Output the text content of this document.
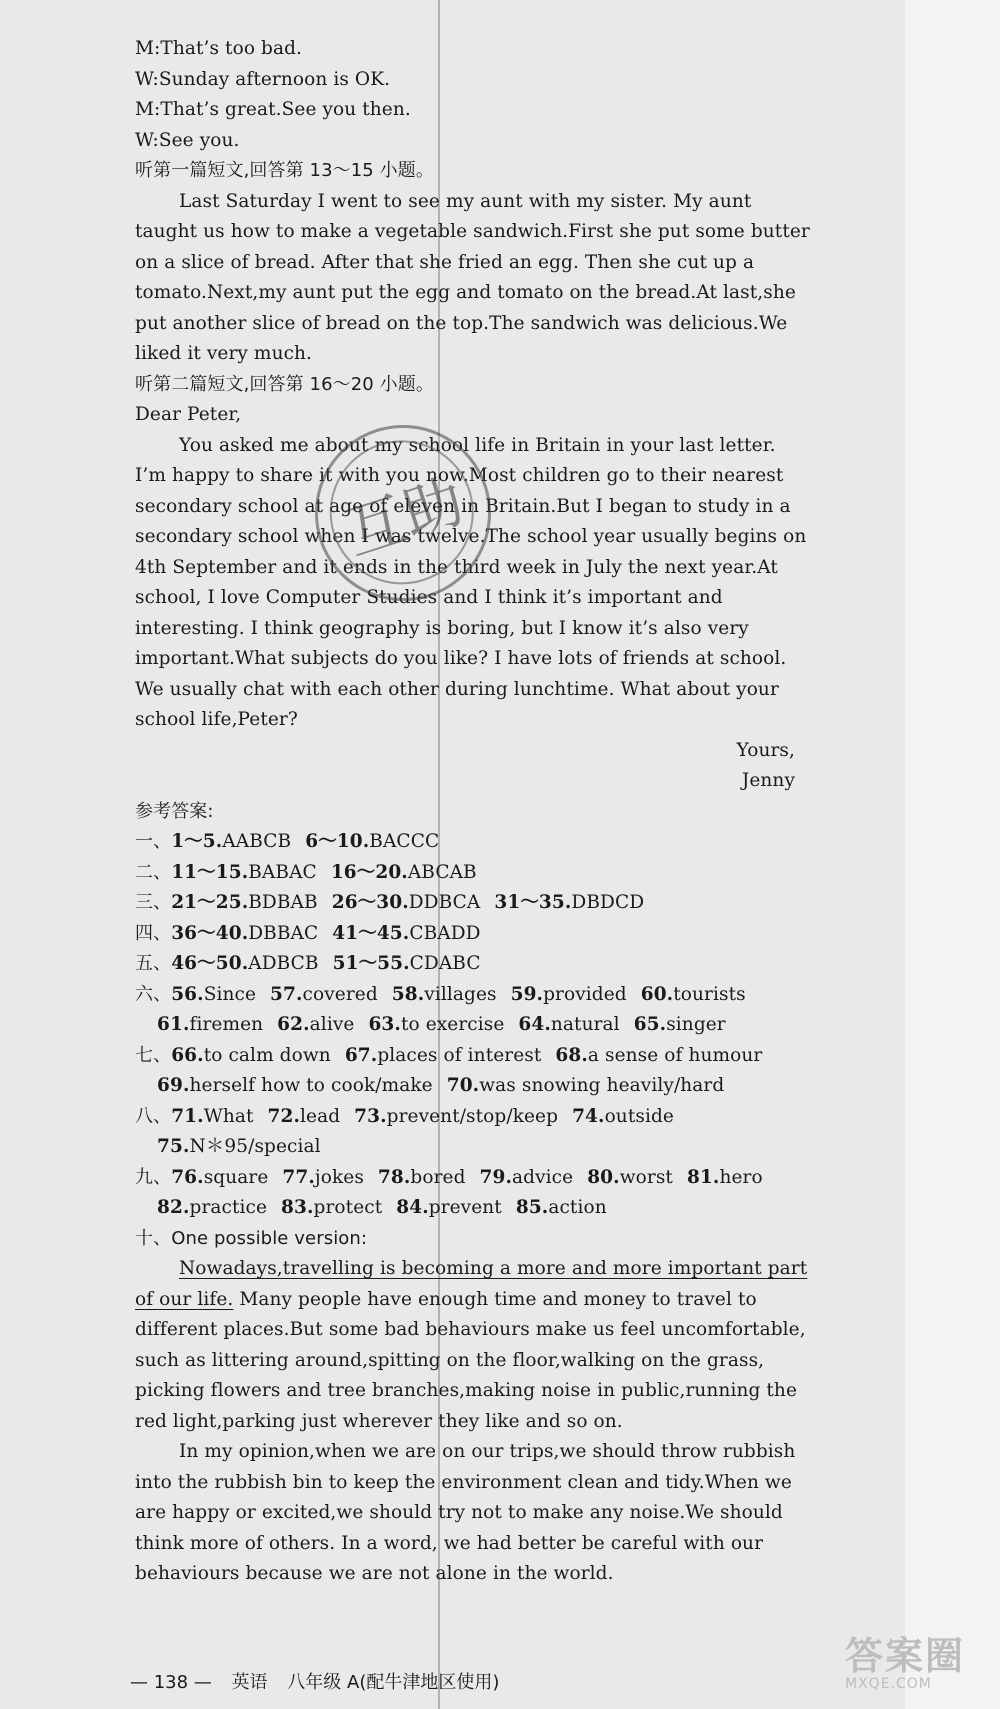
M:That’s too bad.
W:Sunday afternoon is OK.
M:That’s great.See you then.
W:See you.
听第一篇短文,回答第 13～15 小题。
Last Saturday I went to see my aunt with my sister. My aunt
taught us how to make a vegetable sandwich.First she put some butter
on a slice of bread. After that she fried an egg. Then she cut up a
tomato.Next,my aunt put the egg and tomato on the bread.At last,she
put another slice of bread on the top.The sandwich was delicious.We
liked it very much.
听第二篇短文,回答第 16～20 小题。
Dear Peter,
You asked me about my school life in Britain in your last letter.
I’m happy to share it with you now.Most children go to their nearest
secondary school at age of eleven in Britain.But I began to study in a
secondary school when I was twelve.The school year usually begins on
4th September and it ends in the third week in July the next year.At
school, I love Computer Studies and I think it’s important and
interesting. I think geography is boring, but I know it’s also very
important.What subjects do you like? I have lots of friends at school.
We usually chat with each other during lunchtime. What about your
school life,Peter?
Yours,
Jenny
参考答案:
一、1～5.AABCB 6～10.BACCC
二、11～15.BABAC 16～20.ABCAB
三、21～25.BDBAB 26～30.DDBCA 31～35.DBDCD
四、36～40.DBBAC 41～45.CBADD
五、46～50.ADBCB 51～55.CDABC
六、56.Since 57.covered 58.villages 59.provided 60.tourists
61.firemen 62.alive 63.to exercise 64.natural 65.singer
七、66.to calm down 67.places of interest 68.a sense of humour
69.herself how to cook/make 70.was snowing heavily/hard
八、71.What 72.lead 73.prevent/stop/keep 74.outside
75.N＊95/special
九、76.square 77.jokes 78.bored 79.advice 80.worst 81.hero
82.practice 83.protect 84.prevent 85.action
十、One possible version:
Nowadays,travelling is becoming a more and more important part
of our life. Many people have enough time and money to travel to
different places.But some bad behaviours make us feel uncomfortable,
such as littering around,spitting on the floor,walking on the grass,
picking flowers and tree branches,making noise in public,running the
red light,parking just wherever they like and so on.
In my opinion,when we are on our trips,we should throw rubbish
into the rubbish bin to keep the environment clean and tidy.When we
are happy or excited,we should try not to make any noise.We should
think more of others. In a word, we had better be careful with our
behaviours because we are not alone in the world.
互助
— 138 — 英语 八年级 A(配牛津地区使用)
答案圈
MXQE.COM
